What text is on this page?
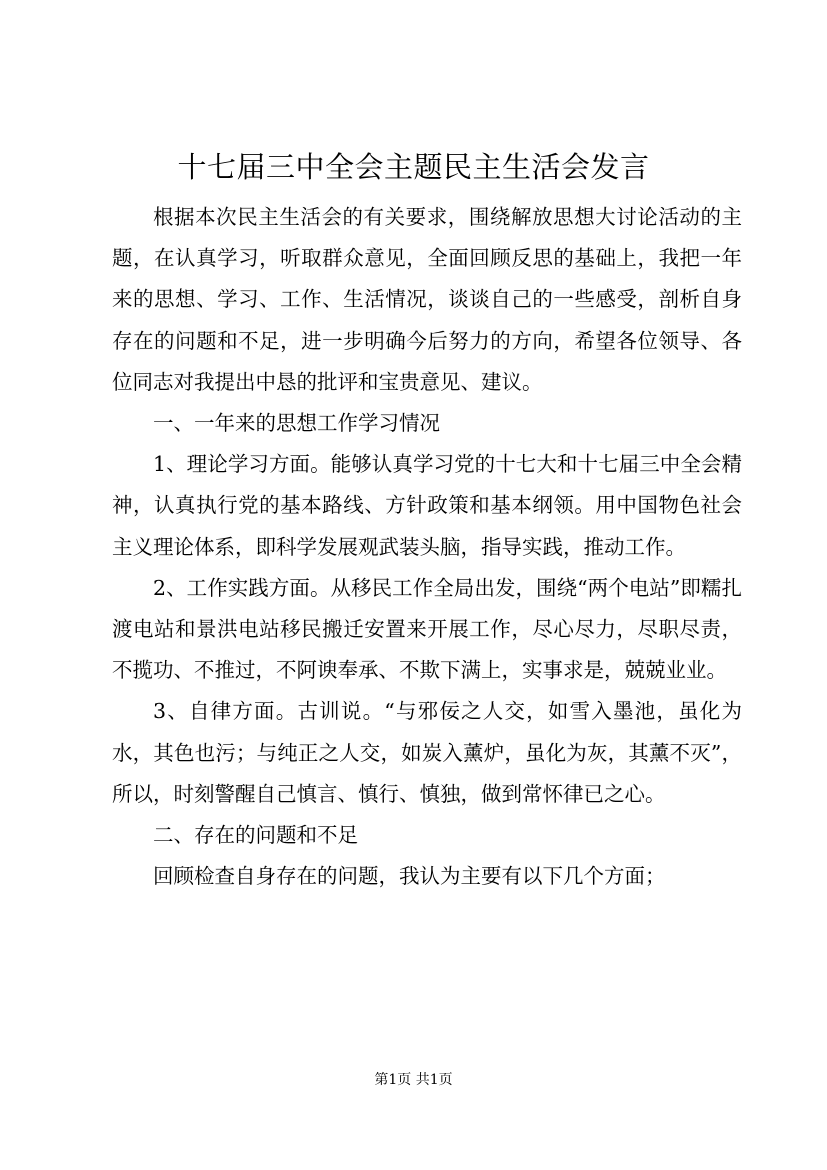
十七届三中全会主题民主生活会发言

根据本次民主生活会的有关要求，围绕解放思想大讨论活动的主题，在认真学习，听取群众意见，全面回顾反思的基础上，我把一年来的思想、学习、工作、生活情况，谈谈自己的一些感受，剖析自身存在的问题和不足，进一步明确今后努力的方向，希望各位领导、各位同志对我提出中恳的批评和宝贵意见、建议。

一、一年来的思想工作学习情况

1、理论学习方面。能够认真学习党的十七大和十七届三中全会精神，认真执行党的基本路线、方针政策和基本纲领。用中国物色社会主义理论体系，即科学发展观武装头脑，指导实践，推动工作。

2、工作实践方面。从移民工作全局出发，围绕“两个电站”即糯扎渡电站和景洪电站移民搬迁安置来开展工作，尽心尽力，尽职尽责，不揽功、不推过，不阿谀奉承、不欺下满上，实事求是，兢兢业业。

3、自律方面。古训说。“与邪佞之人交，如雪入墨池，虽化为水，其色也污；与纯正之人交，如炭入薰炉，虽化为灰，其薰不灭”，所以，时刻警醒自己慎言、慎行、慎独，做到常怀律已之心。

二、存在的问题和不足

回顾检查自身存在的问题，我认为主要有以下几个方面；

第1页 共1页
